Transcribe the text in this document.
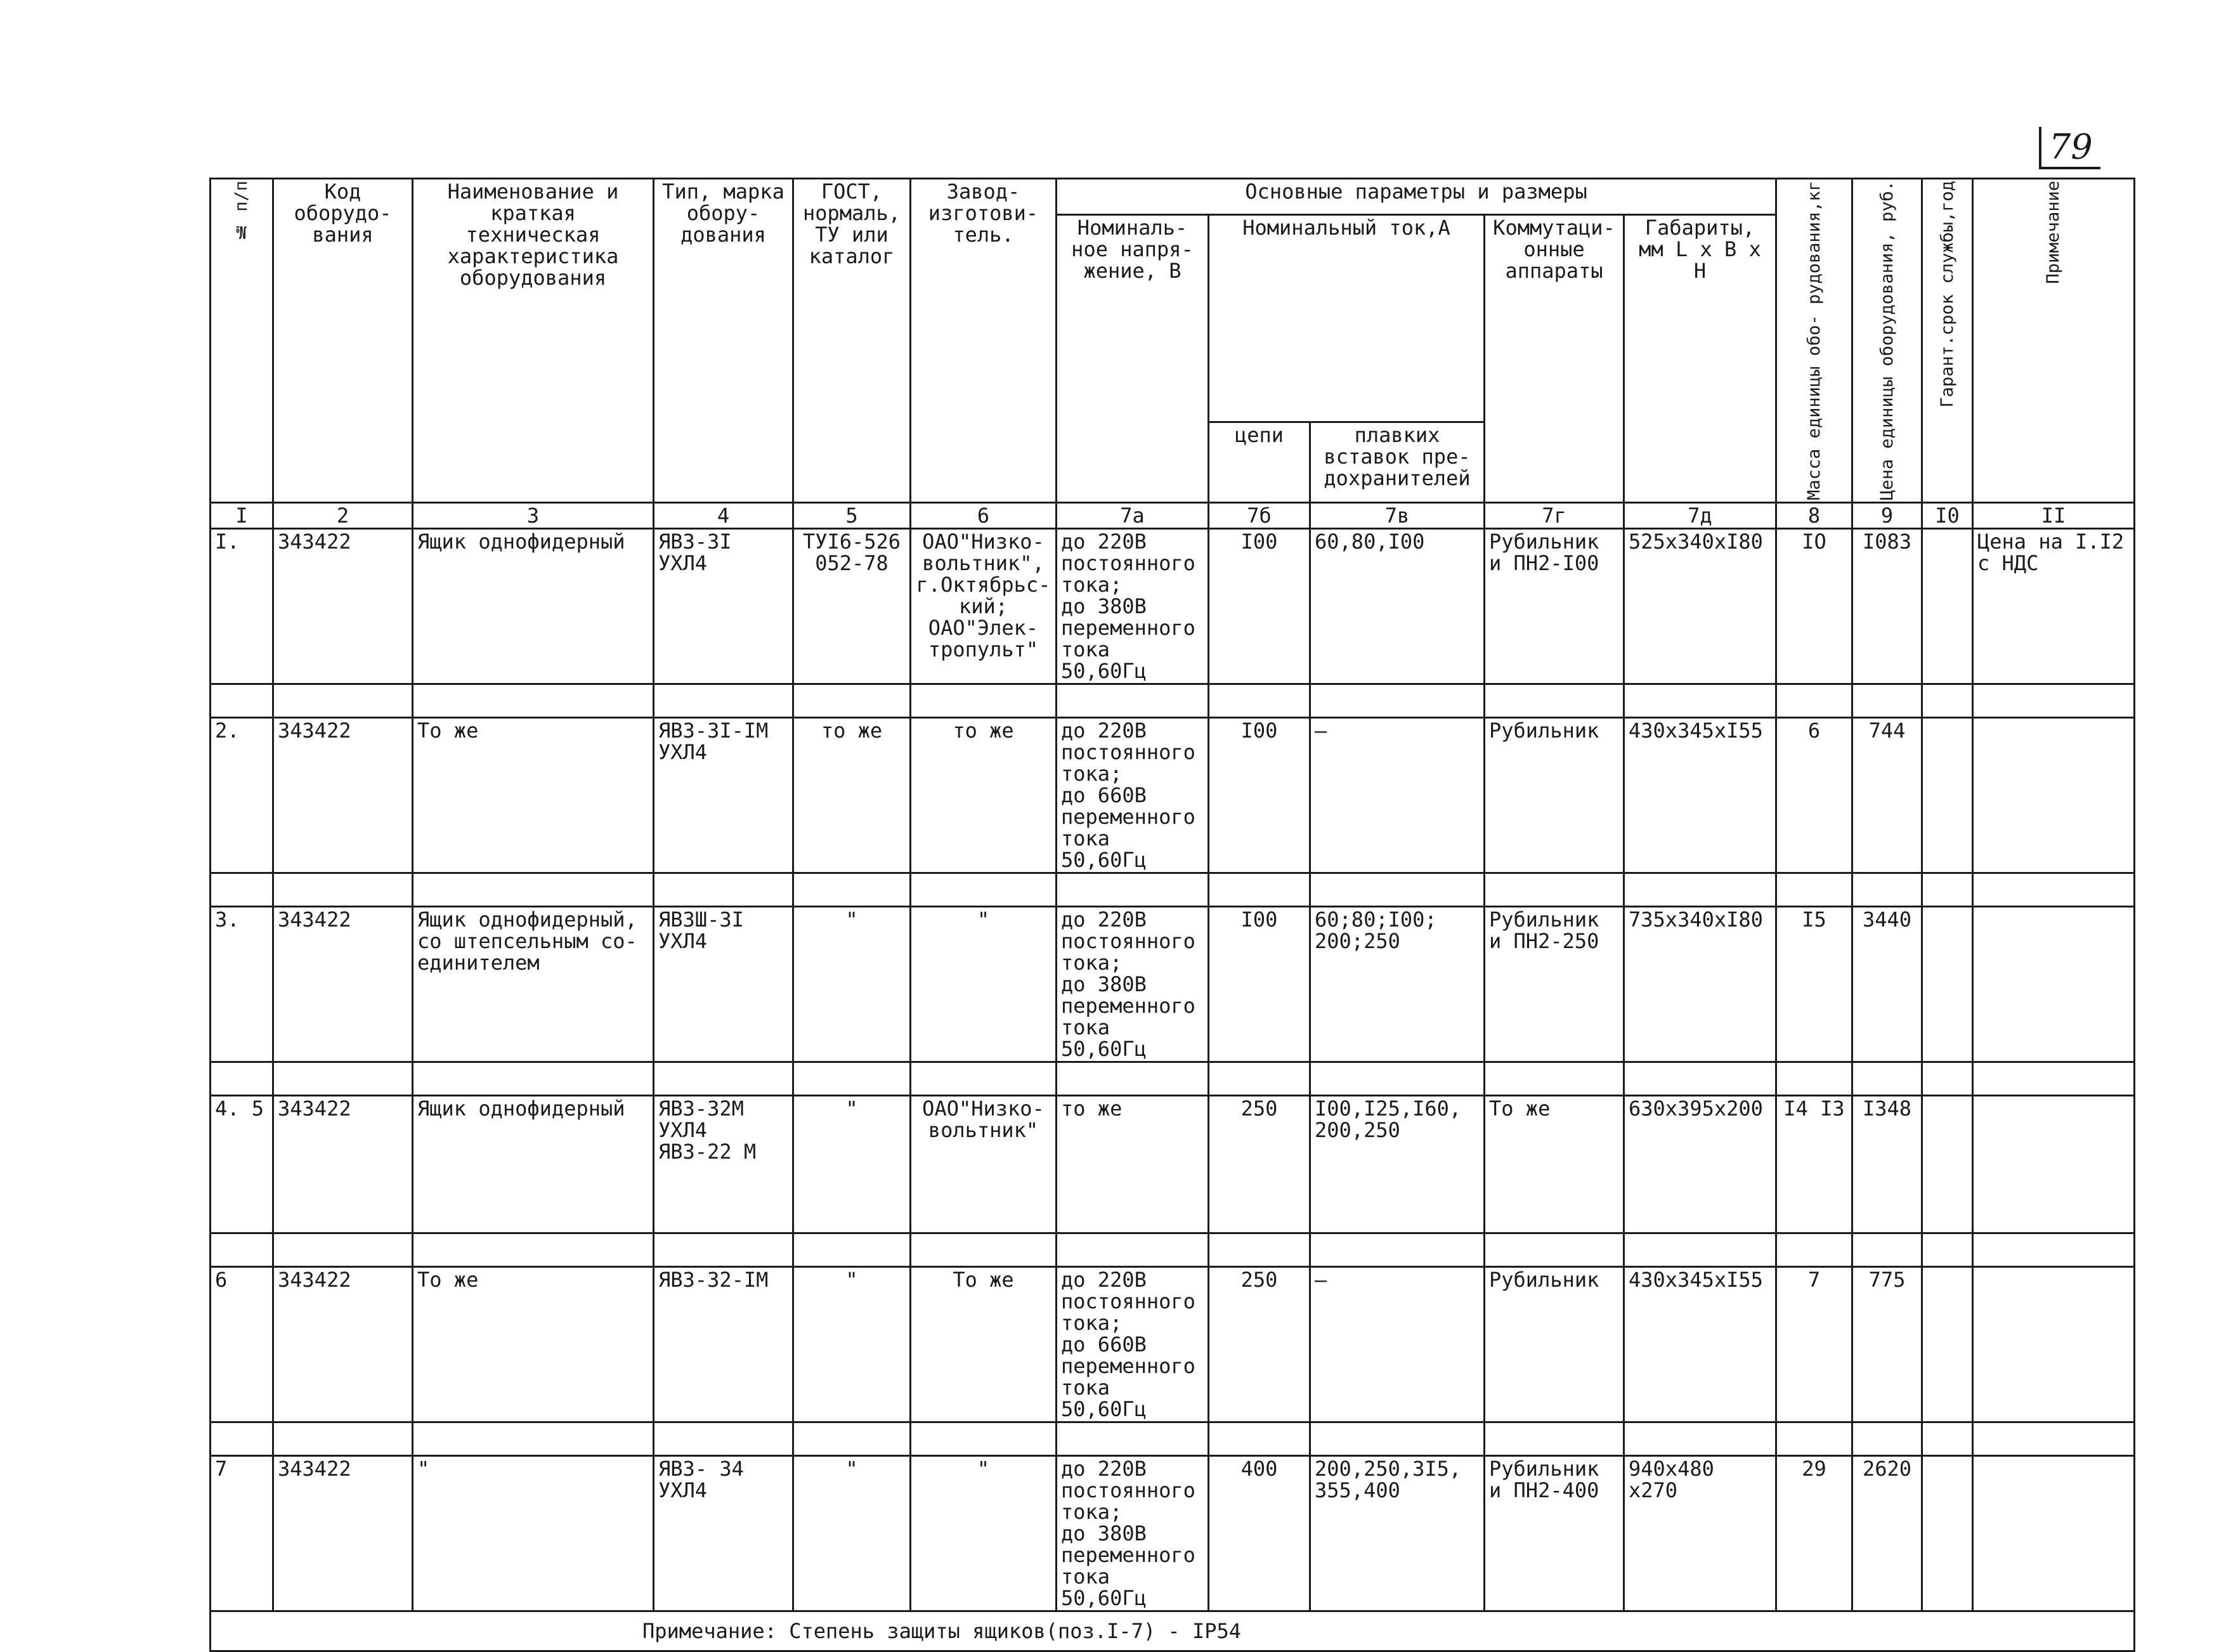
79
№ п/п	Код оборудо- вания	Наименование и краткая техническая характеристика оборудования	Тип, марка обору- дования	ГОСТ, нормаль, ТУ или каталог	Завод- изготови- тель.	Основные параметры и размеры					Масса единицы обо- рудования,кг	Цена единицы оборудования, руб.	Гарант.срок службы,год	Примечание

						Номиналь- ное напря- жение, В	Номинальный ток,А		Коммутаци- онные аппараты	Габариты, мм L x B x H				
							цепи	плавких вставок пре- дохранителей						
I	2	3	4	5	6	7а	7б	7в	7г	7д	8	9	I0	II
I.	343422	Ящик однофидерный	ЯВЗ-3I УХЛ4	ТУI6-526 052-78	ОАО"Низко- вольтник", г.Октябрьс- кий; ОАО"Элек- тропульт"	до 220В
постоянного тока;
до 380В
переменного тока 50,60Гц	I00	60,80,I00	Рубильник и ПН2-I00	525х340хI80	IO	I083		Цена на I.I2 с НДС

2.	343422	То же	ЯВЗ-3I-IМ УХЛ4	то же	то же	до 220В
постоянного тока;
до 660В
переменного тока 50,60Гц	I00	–	Рубильник	430х345хI55	6	744		

3.	343422	Ящик однофидерный, со штепсельным со- единителем	ЯВЗШ-3I УХЛ4	"	"	до 220В
постоянного тока;
до 380В
переменного тока 50,60Гц	I00	60;80;I00; 200;250	Рубильник и ПН2-250	735х340хI80	I5	3440		

4. 5	343422	Ящик однофидерный	ЯВЗ-32М УХЛ4 ЯВЗ-22 М	"	ОАО"Низко- вольтник"	то же	250	I00,I25,I60, 200,250	То же	630х395х200	I4 I3	I348		

6	343422	То же	ЯВЗ-32-IМ	"	То же	до 220В
постоянного тока;
до 660В
переменного тока 50,60Гц	250	—	Рубильник	430х345хI55	7	775		

7	343422	"	ЯВЗ- 34 УХЛ4	"	"	до 220В
постоянного тока;
до 380В
переменного тока 50,60Гц	400	200,250,3I5, 355,400	Рубильник и ПН2-400	940х480 х270	29	2620		
Примечание: Степень защиты ящиков(поз.I-7) - IP54														
